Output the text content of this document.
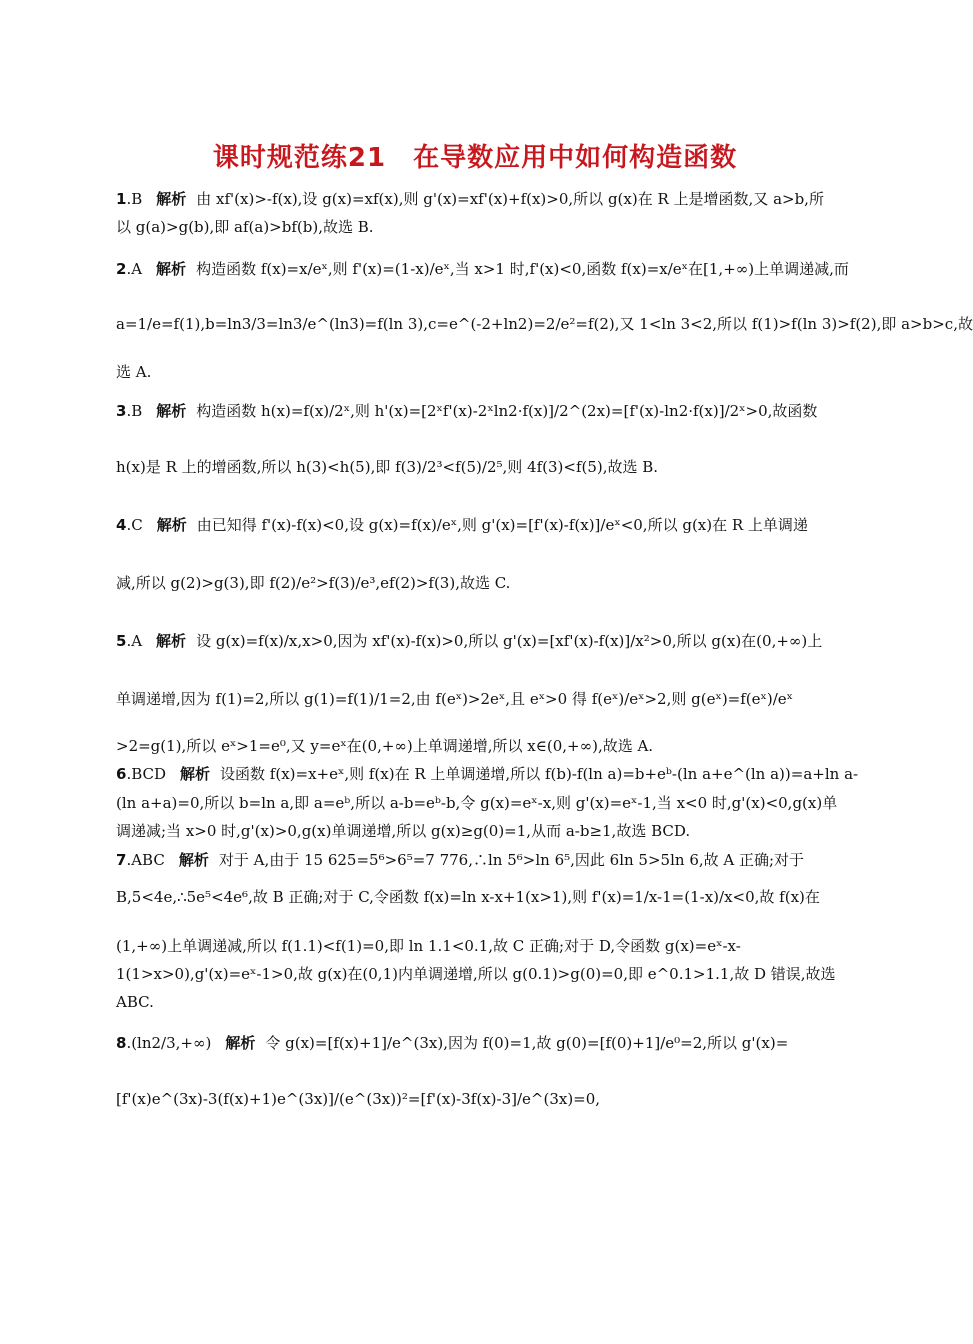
课时规范练21　在导数应用中如何构造函数
1.B 解析 由 xf'(x)>-f(x),设 g(x)=xf(x),则 g'(x)=xf'(x)+f(x)>0,所以 g(x)在 R 上是增函数,又 a>b,所
以 g(a)>g(b),即 af(a)>bf(b),故选 B.
2.A 解析 构造函数 f(x)=x/eˣ,则 f'(x)=(1-x)/eˣ,当 x>1 时,f'(x)<0,函数 f(x)=x/eˣ在[1,+∞)上单调递减,而
a=1/e=f(1),b=ln3/3=ln3/e^(ln3)=f(ln 3),c=e^(-2+ln2)=2/e²=f(2),又 1<ln 3<2,所以 f(1)>f(ln 3)>f(2),即 a>b>c,故
选 A.
3.B 解析 构造函数 h(x)=f(x)/2ˣ,则 h'(x)=[2ˣf'(x)-2ˣln2·f(x)]/2^(2x)=[f'(x)-ln2·f(x)]/2ˣ>0,故函数
h(x)是 R 上的增函数,所以 h(3)<h(5),即 f(3)/2³<f(5)/2⁵,则 4f(3)<f(5),故选 B.
4.C 解析 由已知得 f'(x)-f(x)<0,设 g(x)=f(x)/eˣ,则 g'(x)=[f'(x)-f(x)]/eˣ<0,所以 g(x)在 R 上单调递
减,所以 g(2)>g(3),即 f(2)/e²>f(3)/e³,ef(2)>f(3),故选 C.
5.A 解析 设 g(x)=f(x)/x,x>0,因为 xf'(x)-f(x)>0,所以 g'(x)=[xf'(x)-f(x)]/x²>0,所以 g(x)在(0,+∞)上
单调递增,因为 f(1)=2,所以 g(1)=f(1)/1=2,由 f(eˣ)>2eˣ,且 eˣ>0 得 f(eˣ)/eˣ>2,则 g(eˣ)=f(eˣ)/eˣ
>2=g(1),所以 eˣ>1=e⁰,又 y=eˣ在(0,+∞)上单调递增,所以 x∈(0,+∞),故选 A.
6.BCD 解析 设函数 f(x)=x+eˣ,则 f(x)在 R 上单调递增,所以 f(b)-f(ln a)=b+eᵇ-(ln a+e^(ln a))=a+ln a-
(ln a+a)=0,所以 b=ln a,即 a=eᵇ,所以 a-b=eᵇ-b,令 g(x)=eˣ-x,则 g'(x)=eˣ-1,当 x<0 时,g'(x)<0,g(x)单
调递减;当 x>0 时,g'(x)>0,g(x)单调递增,所以 g(x)≥g(0)=1,从而 a-b≥1,故选 BCD.
7.ABC 解析 对于 A,由于 15 625=5⁶>6⁵=7 776,∴ln 5⁶>ln 6⁵,因此 6ln 5>5ln 6,故 A 正确;对于
B,5<4e,∴5e⁵<4e⁶,故 B 正确;对于 C,令函数 f(x)=ln x-x+1(x>1),则 f'(x)=1/x-1=(1-x)/x<0,故 f(x)在
(1,+∞)上单调递减,所以 f(1.1)<f(1)=0,即 ln 1.1<0.1,故 C 正确;对于 D,令函数 g(x)=eˣ-x-
1(1>x>0),g'(x)=eˣ-1>0,故 g(x)在(0,1)内单调递增,所以 g(0.1)>g(0)=0,即 e^0.1>1.1,故 D 错误,故选
ABC.
8.(ln2/3,+∞) 解析 令 g(x)=[f(x)+1]/e^(3x),因为 f(0)=1,故 g(0)=[f(0)+1]/e⁰=2,所以 g'(x)=
[f'(x)e^(3x)-3(f(x)+1)e^(3x)]/(e^(3x))²=[f'(x)-3f(x)-3]/e^(3x)=0,
